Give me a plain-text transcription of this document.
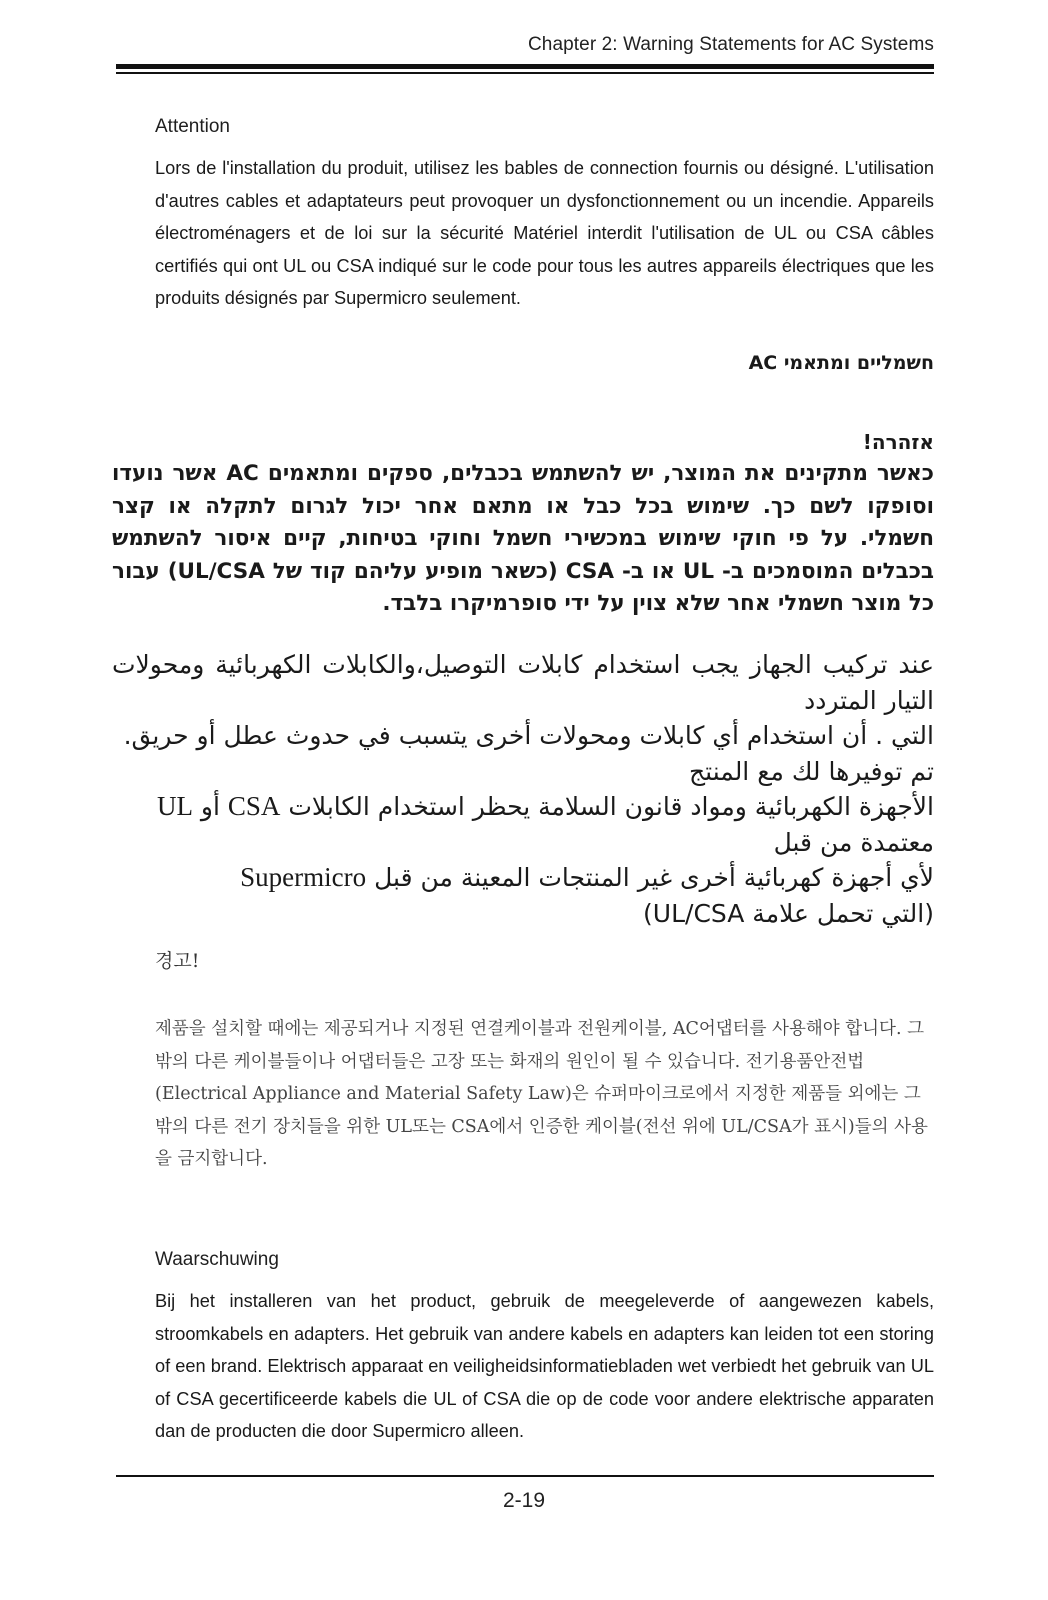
Chapter 2: Warning Statements for AC Systems

Attention

Lors de l'installation du produit, utilisez les bables de connection fournis ou désigné. L'utilisation d'autres cables et adaptateurs peut provoquer un dysfonctionnement ou un incendie. Appareils électroménagers et de loi sur la sécurité Matériel interdit l'utilisation de UL ou CSA câbles certifiés qui ont UL ou CSA indiqué sur le code pour tous les autres appareils électriques que les produits désignés par Supermicro seulement.

חשמליים ומתאמי AC

אזהרה!

כאשר מתקינים את המוצר, יש להשתמש בכבלים, ספקים ומתאמים AC אשר נועדו וסופקו לשם כך. שימוש בכל כבל או מתאם אחר יכול לגרום לתקלה או קצר חשמלי. על פי חוקי שימוש במכשירי חשמל וחוקי בטיחות, קיים איסור להשתמש בכבלים המוסמכים ב- UL או ב- CSA (כשאר מופיע עליהם קוד של UL/CSA) עבור כל מוצר חשמלי אחר שלא צוין על ידי סופרמיקרו בלבד.

عند تركيب الجهاز يجب استخدام كابلات التوصيل،والكابلات الكهربائية ومحولات التيار المتردد

التي . أن استخدام أي كابلات ومحولات أخرى يتسبب في حدوث عطل أو حريق.

تم توفيرها لك مع المنتج

الأجهزة الكهربائية ومواد قانون السلامة يحظر استخدام الكابلات CSA أو UL

معتمدة من قبل

لأي أجهزة كهربائية أخرى غير المنتجات المعينة من قبل Supermicro

(التي تحمل علامة UL/CSA)

경고!

제품을 설치할 때에는 제공되거나 지정된 연결케이블과 전원케이블, AC어댑터를 사용해야 합니다. 그 밖의 다른 케이블들이나 어댑터들은 고장 또는 화재의 원인이 될 수 있습니다. 전기용품안전법 (Electrical Appliance and Material Safety Law)은 슈퍼마이크로에서 지정한 제품들 외에는 그 밖의 다른 전기 장치들을 위한 UL또는 CSA에서 인증한 케이블(전선 위에 UL/CSA가 표시)들의 사용을 금지합니다.

Waarschuwing

Bij het installeren van het product, gebruik de meegeleverde of aangewezen kabels, stroomkabels en adapters. Het gebruik van andere kabels en adapters kan leiden tot een storing of een brand. Elektrisch apparaat en veiligheidsinformatiebladen wet verbiedt het gebruik van UL of CSA gecertificeerde kabels die UL of CSA die op de code voor andere elektrische apparaten dan de producten die door Supermicro alleen.

2-19
